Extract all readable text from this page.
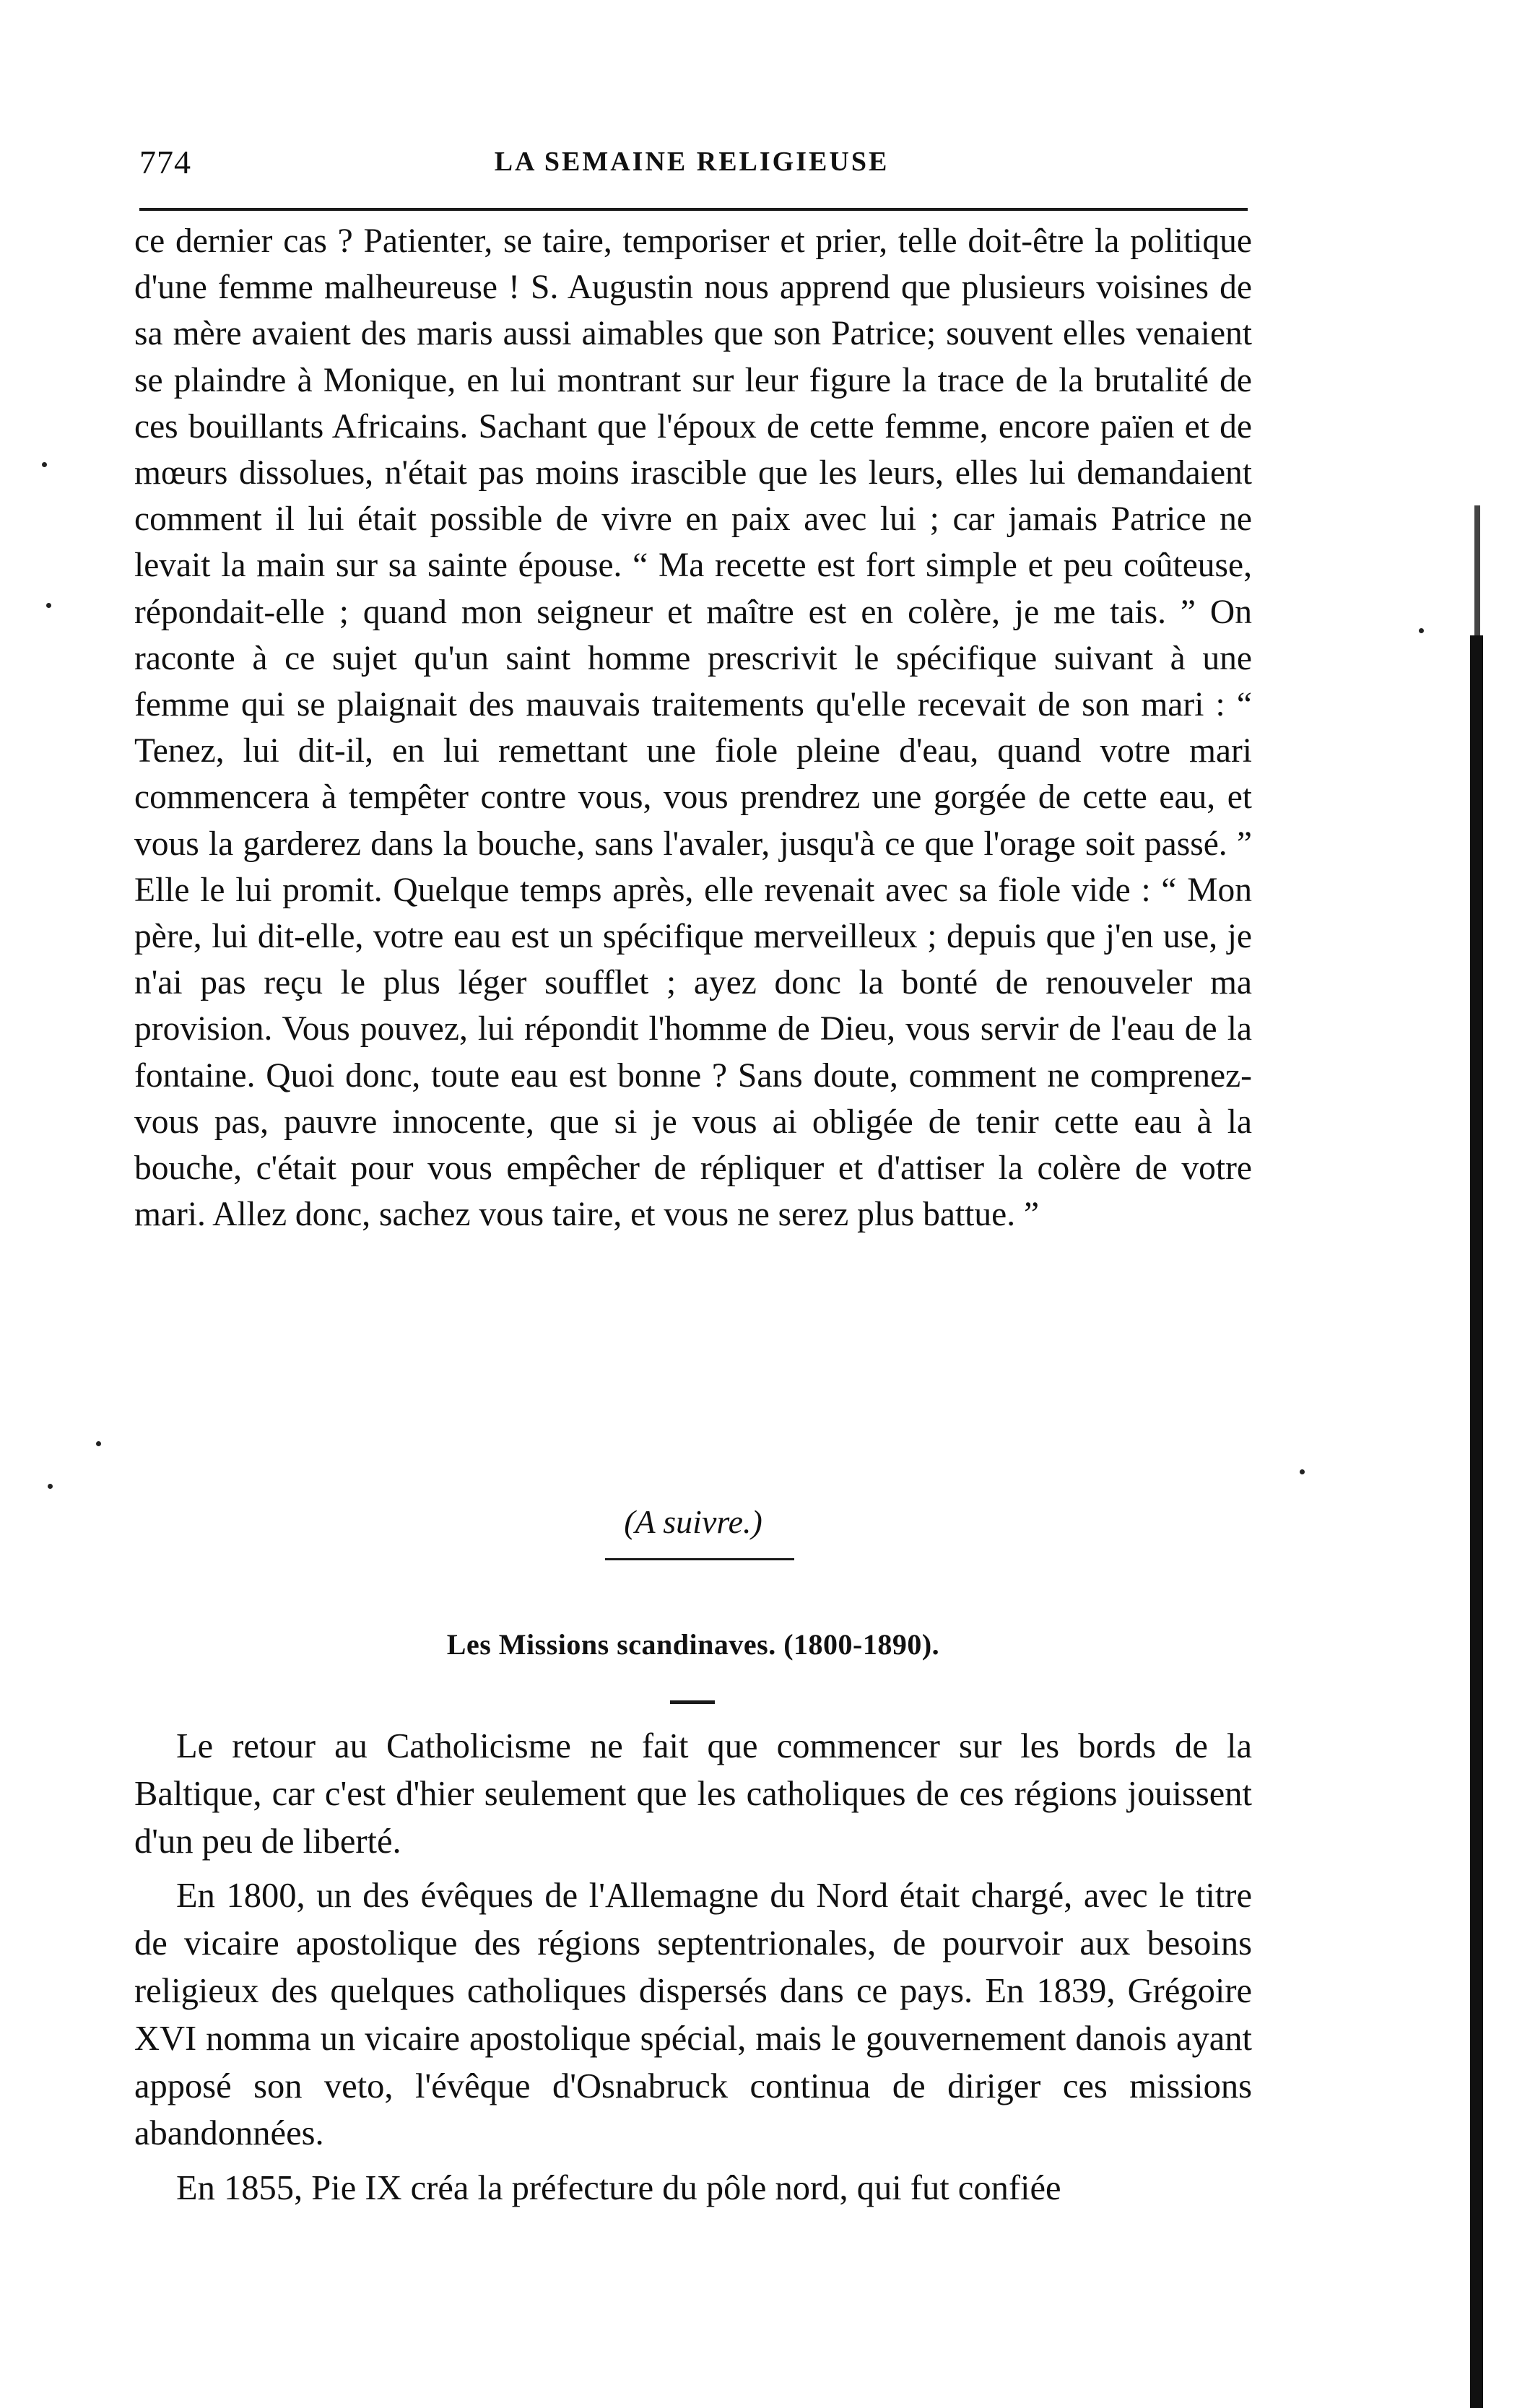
774	LA SEMAINE RELIGIEUSE

ce dernier cas ? Patienter, se taire, temporiser et prier, telle doit-être la politique d'une femme malheureuse ! S. Augustin nous apprend que plusieurs voisines de sa mère avaient des maris aussi aimables que son Patrice; souvent elles venaient se plaindre à Monique, en lui montrant sur leur figure la trace de la brutalité de ces bouillants Africains. Sachant que l'époux de cette femme, encore païen et de mœurs dissolues, n'était pas moins irascible que les leurs, elles lui demandaient comment il lui était possible de vivre en paix avec lui ; car jamais Patrice ne levait la main sur sa sainte épouse. “ Ma recette est fort simple et peu coûteuse, répondait-elle ; quand mon seigneur et maître est en colère, je me tais. ” On raconte à ce sujet qu'un saint homme prescrivit le spécifique suivant à une femme qui se plaignait des mauvais traitements qu'elle recevait de son mari : “ Tenez, lui dit-il, en lui remettant une fiole pleine d'eau, quand votre mari commencera à tempêter contre vous, vous prendrez une gorgée de cette eau, et vous la garderez dans la bouche, sans l'avaler, jusqu'à ce que l'orage soit passé. ” Elle le lui promit. Quelque temps après, elle revenait avec sa fiole vide : “ Mon père, lui dit-elle, votre eau est un spécifique merveilleux ; depuis que j'en use, je n'ai pas reçu le plus léger soufflet ; ayez donc la bonté de renouveler ma provision. Vous pouvez, lui répondit l'homme de Dieu, vous servir de l'eau de la fontaine. Quoi donc, toute eau est bonne ? Sans doute, comment ne comprenez-vous pas, pauvre innocente, que si je vous ai obligée de tenir cette eau à la bouche, c'était pour vous empêcher de répliquer et d'attiser la colère de votre mari. Allez donc, sachez vous taire, et vous ne serez plus battue. ”

(A suivre.)
Les Missions scandinaves. (1800-1890).

Le retour au Catholicisme ne fait que commencer sur les bords de la Baltique, car c'est d'hier seulement que les catholiques de ces régions jouissent d'un peu de liberté.

En 1800, un des évêques de l'Allemagne du Nord était chargé, avec le titre de vicaire apostolique des régions septentrionales, de pourvoir aux besoins religieux des quelques catholiques dispersés dans ce pays. En 1839, Grégoire XVI nomma un vicaire apostolique spécial, mais le gouvernement danois ayant apposé son veto, l'évêque d'Osnabruck continua de diriger ces missions abandonnées.

En 1855, Pie IX créa la préfecture du pôle nord, qui fut confiée
